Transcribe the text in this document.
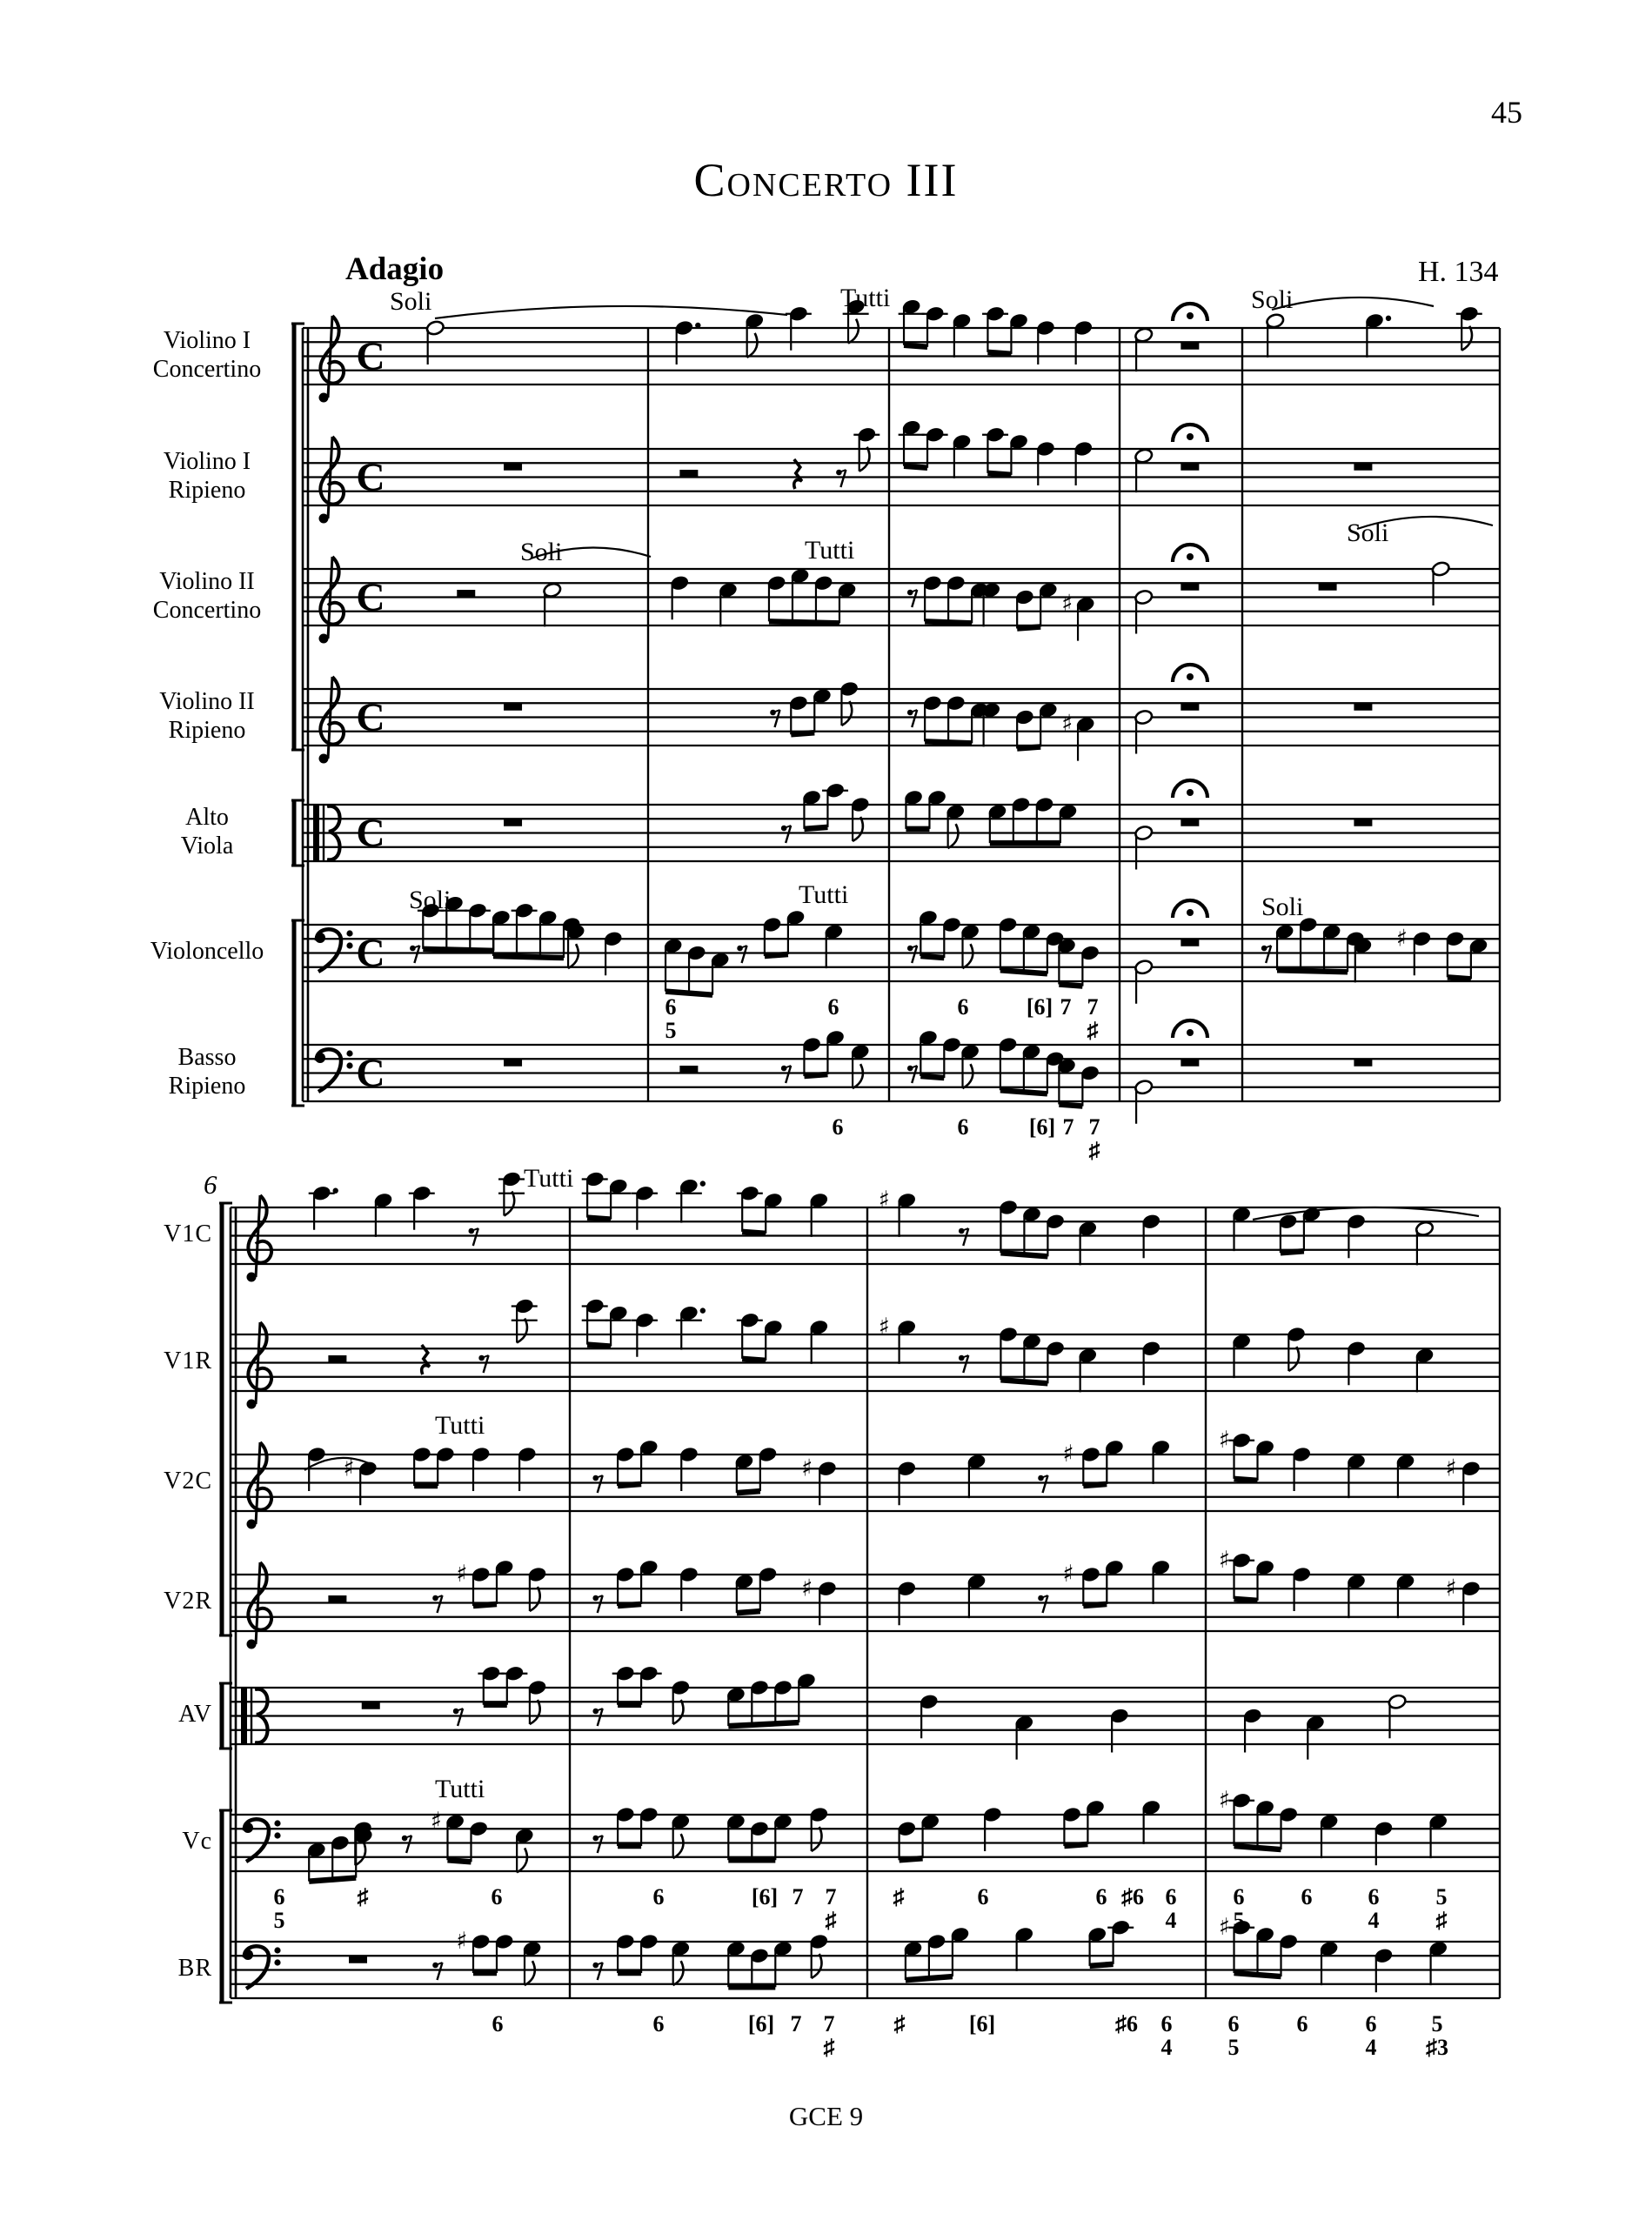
45
Concerto III
Adagio	H. 134
6
GCE 9
C
C
C	♯
C	♯
C
C	♯
C
♯
♯
♯	♯
♯
♯
♯
♯
♯
♯
♯
♯
♯
♯
♯
♯
Violino I
Concertino
Soli	Tutti	Soli
Violino I
Ripieno
Violino II
Concertino
Soli	Tutti
Soli
Violino II
Ripieno
Alto
Viola
Violoncello
Soli	Tutti	Soli
6
5
6	6	[6] 7 7
♯
Basso
Ripieno
6	6	[6] 7 7
♯
V1C
Tutti
V1R
V2C
Tutti
V2R
AV
Vc
Tutti
6
5
♯	6	6	[6] 7 7
♯
♯	6	6 ♯6 6
4
6
5
6	6
4
5
♯
BR
6	6	[6] 7 7
♯
♯	[6]	♯6	6
4
6
5
6	6
4
5
♯3
